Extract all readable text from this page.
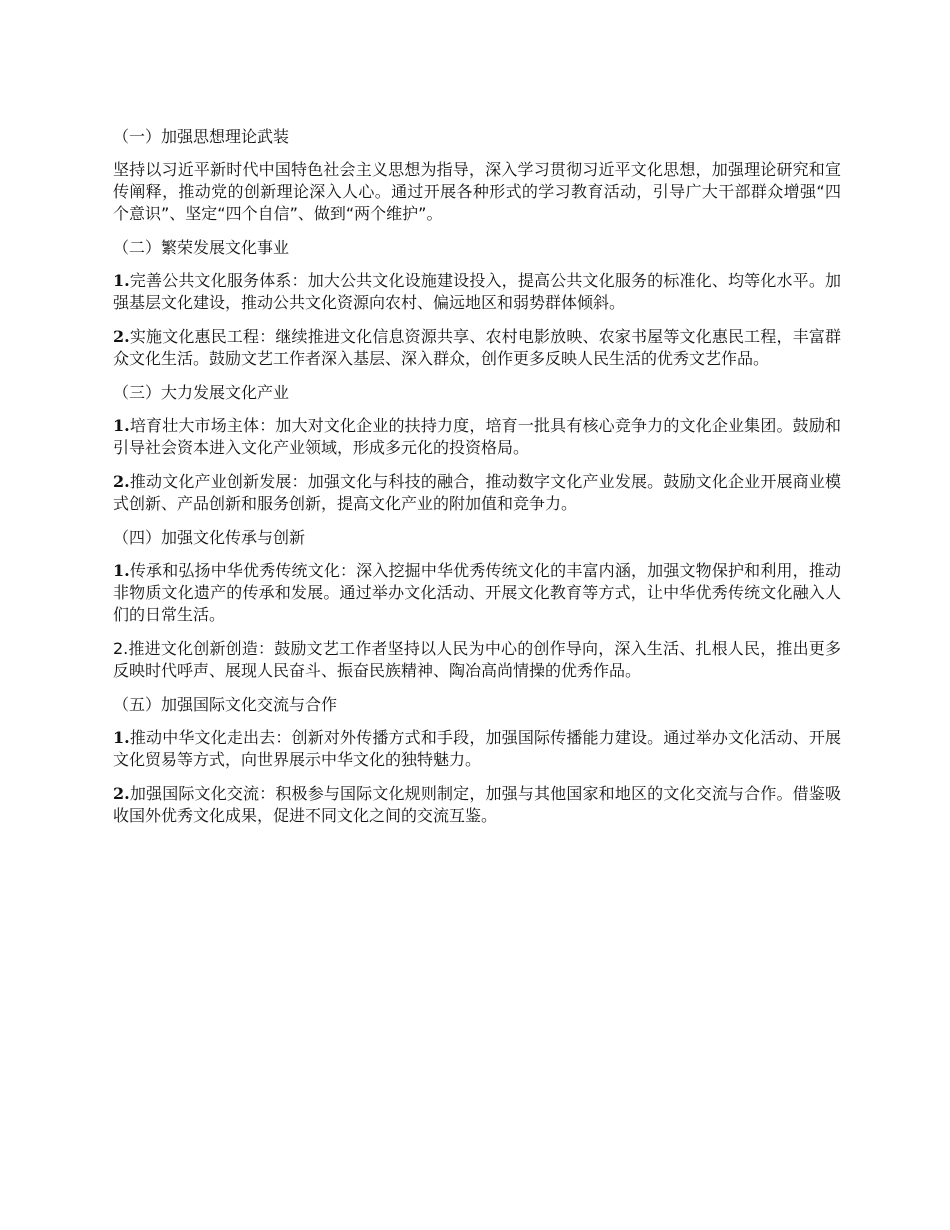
（一）加强思想理论武装

坚持以习近平新时代中国特色社会主义思想为指导，深入学习贯彻习近平文化思想，加强理论研究和宣传阐释，推动党的创新理论深入人心。通过开展各种形式的学习教育活动，引导广大干部群众增强“四个意识”、坚定“四个自信”、做到“两个维护”。

（二）繁荣发展文化事业

1.完善公共文化服务体系：加大公共文化设施建设投入，提高公共文化服务的标准化、均等化水平。加强基层文化建设，推动公共文化资源向农村、偏远地区和弱势群体倾斜。

2.实施文化惠民工程：继续推进文化信息资源共享、农村电影放映、农家书屋等文化惠民工程，丰富群众文化生活。鼓励文艺工作者深入基层、深入群众，创作更多反映人民生活的优秀文艺作品。

（三）大力发展文化产业

1.培育壮大市场主体：加大对文化企业的扶持力度，培育一批具有核心竞争力的文化企业集团。鼓励和引导社会资本进入文化产业领域，形成多元化的投资格局。

2.推动文化产业创新发展：加强文化与科技的融合，推动数字文化产业发展。鼓励文化企业开展商业模式创新、产品创新和服务创新，提高文化产业的附加值和竞争力。

（四）加强文化传承与创新

1.传承和弘扬中华优秀传统文化：深入挖掘中华优秀传统文化的丰富内涵，加强文物保护和利用，推动非物质文化遗产的传承和发展。通过举办文化活动、开展文化教育等方式，让中华优秀传统文化融入人们的日常生活。

2.推进文化创新创造：鼓励文艺工作者坚持以人民为中心的创作导向，深入生活、扎根人民，推出更多反映时代呼声、展现人民奋斗、振奋民族精神、陶冶高尚情操的优秀作品。

（五）加强国际文化交流与合作

1.推动中华文化走出去：创新对外传播方式和手段，加强国际传播能力建设。通过举办文化活动、开展文化贸易等方式，向世界展示中华文化的独特魅力。

2.加强国际文化交流：积极参与国际文化规则制定，加强与其他国家和地区的文化交流与合作。借鉴吸收国外优秀文化成果，促进不同文化之间的交流互鉴。
